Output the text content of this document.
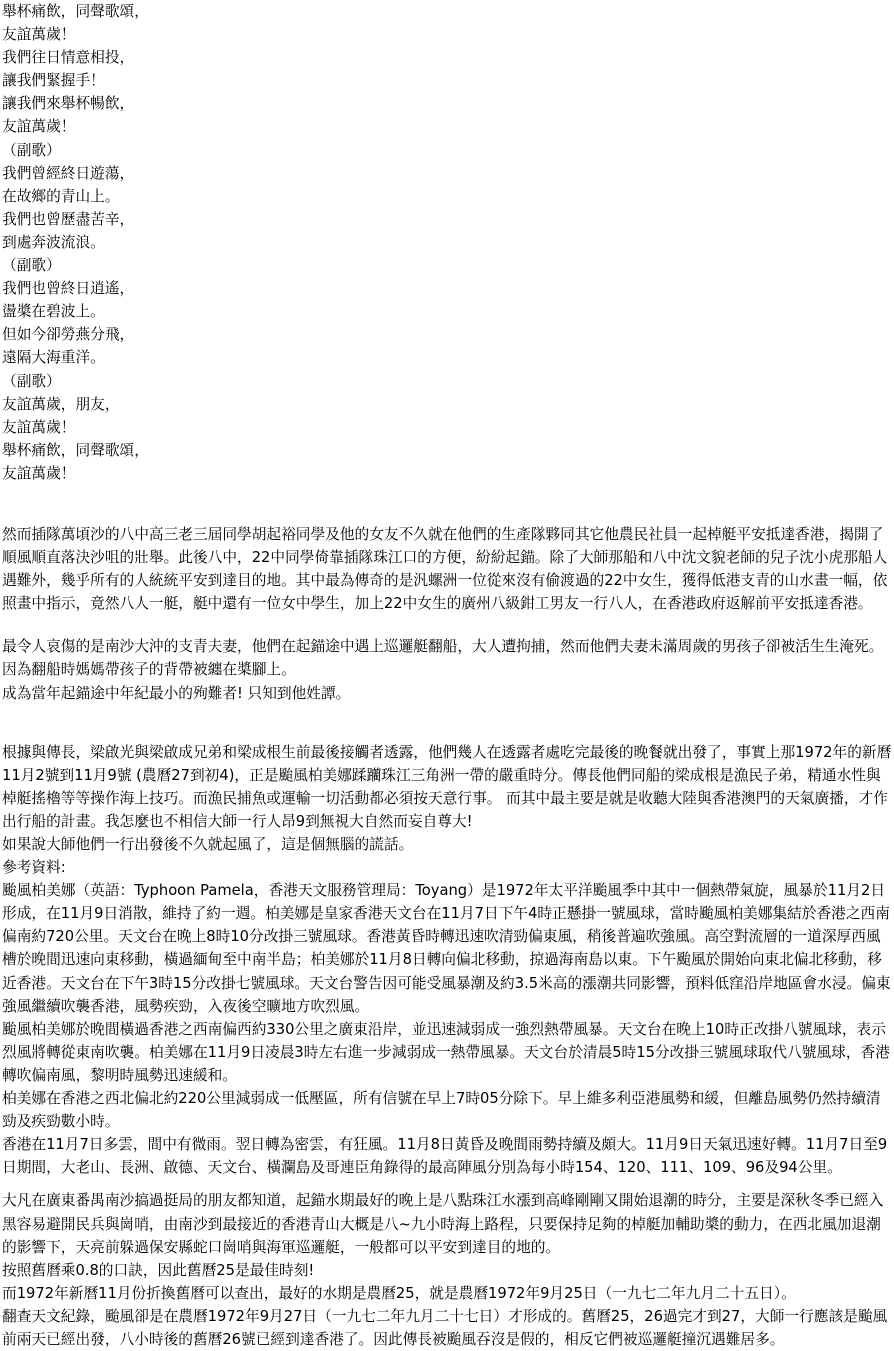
舉杯痛飲，同聲歌頌，
友誼萬歲！
我們往日情意相投，
讓我們緊握手！
讓我們來舉杯暢飲，
友誼萬歲！
（副歌）
我們曾經終日遊蕩，
在故鄉的青山上。
我們也曾歷盡苦辛，
到處奔波流浪。
（副歌）
我們也曾終日逍遙，
盪槳在碧波上。
但如今卻勞燕分飛，
遠隔大海重洋。
（副歌）
友誼萬歲，朋友，
友誼萬歲！
舉杯痛飲，同聲歌頌，
友誼萬歲！

然而插隊萬頃沙的八中高三老三屆同學胡起裕同學及他的女友不久就在他們的生產隊夥同其它他農民社員一起棹艇平安抵達香港，揭開了順風順直落決沙咀的壯舉。此後八中，22中同學倚靠插隊珠江口的方便，紛紛起錨。除了大師那船和八中沈文貌老師的兒子沈小虎那船人遇難外，幾乎所有的人統統平安到達目的地。其中最為傳奇的是汎螺洲一位從來沒有偷渡過的22中女生，獲得低港支青的山水畫一幅，依照畫中指示，竟然八人一艇，艇中還有一位女中學生，加上22中女生的廣州八級鉗工男友一行八人，在香港政府返解前平安抵達香港。

最令人哀傷的是南沙大沖的支青夫妻，他們在起錨途中遇上巡邏艇翻船，大人遭拘捕，然而他們夫妻未滿周歲的男孩子卻被活生生淹死。因為翻船時媽媽帶孩子的背帶被纏在槳腳上。

成為當年起錨途中年紀最小的殉難者! 只知到他姓譚。

根據與傳長，梁啟光與梁啟成兄弟和梁成根生前最後接觸者透露，他們幾人在透露者處吃完最後的晚餐就出發了，事實上那1972年的新曆11月2號到11月9號 (農曆27到初4)，正是颱風柏美娜蹂躪珠江三角洲一帶的嚴重時分。傳長他們同船的梁成根是漁民子弟，精通水性與棹艇搖櫓等等操作海上技巧。而漁民捕魚或運輸一切活動都必須按天意行事。 而其中最主要是就是收聽大陸與香港澳門的天氣廣播，才作出行船的計畫。我怎麼也不相信大師一行人昂9到無視大自然而妄自尊大!

如果說大師他們一行出發後不久就起風了，這是個無腦的謊話。

參考資料:

颱風柏美娜（英語：Typhoon Pamela，香港天文服務管理局：Toyang）是1972年太平洋颱風季中其中一個熱帶氣旋，風暴於11月2日形成，在11月9日消散，維持了約一週。柏美娜是皇家香港天文台在11月7日下午4時正懸掛一號風球，當時颱風柏美娜集結於香港之西南偏南約720公里。天文台在晚上8時10分改掛三號風球。香港黃昏時轉迅速吹清勁偏東風，稍後普遍吹強風。高空對流層的一道深厚西風槽於晚間迅速向東移動，橫過緬甸至中南半島；柏美娜於11月8日轉向偏北移動，掠過海南島以東。下午颱風於開始向東北偏北移動，移近香港。天文台在下午3時15分改掛七號風球。天文台警告因可能受風暴潮及約3.5米高的漲潮共同影響，預料低窪沿岸地區會水浸。偏東強風繼續吹襲香港，風勢疾勁，入夜後空曠地方吹烈風。

颱風柏美娜於晚間橫過香港之西南偏西約330公里之廣東沿岸，並迅速減弱成一強烈熱帶風暴。天文台在晚上10時正改掛八號風球，表示烈風將轉從東南吹襲。柏美娜在11月9日凌晨3時左右進一步減弱成一熱帶風暴。天文台於清晨5時15分改掛三號風球取代八號風球，香港轉吹偏南風，黎明時風勢迅速緩和。

柏美娜在香港之西北偏北約220公里減弱成一低壓區，所有信號在早上7時05分除下。早上維多利亞港風勢和緩，但離島風勢仍然持續清勁及疾勁數小時。

香港在11月7日多雲，間中有微雨。翌日轉為密雲，有狂風。11月8日黃昏及晚間雨勢持續及頗大。11月9日天氣迅速好轉。11月7日至9日期間，大老山、長洲、啟德、天文台、橫瀾島及哥連臣角錄得的最高陣風分別為每小時154、120、111、109、96及94公里。

大凡在廣東番禺南沙搞過挺局的朋友都知道，起錨水期最好的晚上是八點珠江水漲到高峰剛剛又開始退潮的時分，主要是深秋冬季已經入黑容易避開民兵與崗哨，由南沙到最接近的香港青山大概是八~九小時海上路程，只要保持足夠的棹艇加輔助槳的動力，在西北風加退潮的影響下，天亮前躲過保安縣蛇口崗哨與海軍巡邏艇，一般都可以平安到達目的地的。

按照舊曆乘0.8的口訣，因此舊曆25是最佳時刻!

而1972年新曆11月份折換舊曆可以查出，最好的水期是農曆25，就是農曆1972年9月25日（一九七二年九月二十五日）。

翻查天文紀錄，颱風卻是在農曆1972年9月27日（一九七二年九月二十七日）才形成的。舊曆25，26過完才到27，大師一行應該是颱風前兩天已經出發，八小時後的舊曆26號已經到達香港了。因此傳長被颱風吞沒是假的，相反它們被巡邏艇撞沉遇難居多。
